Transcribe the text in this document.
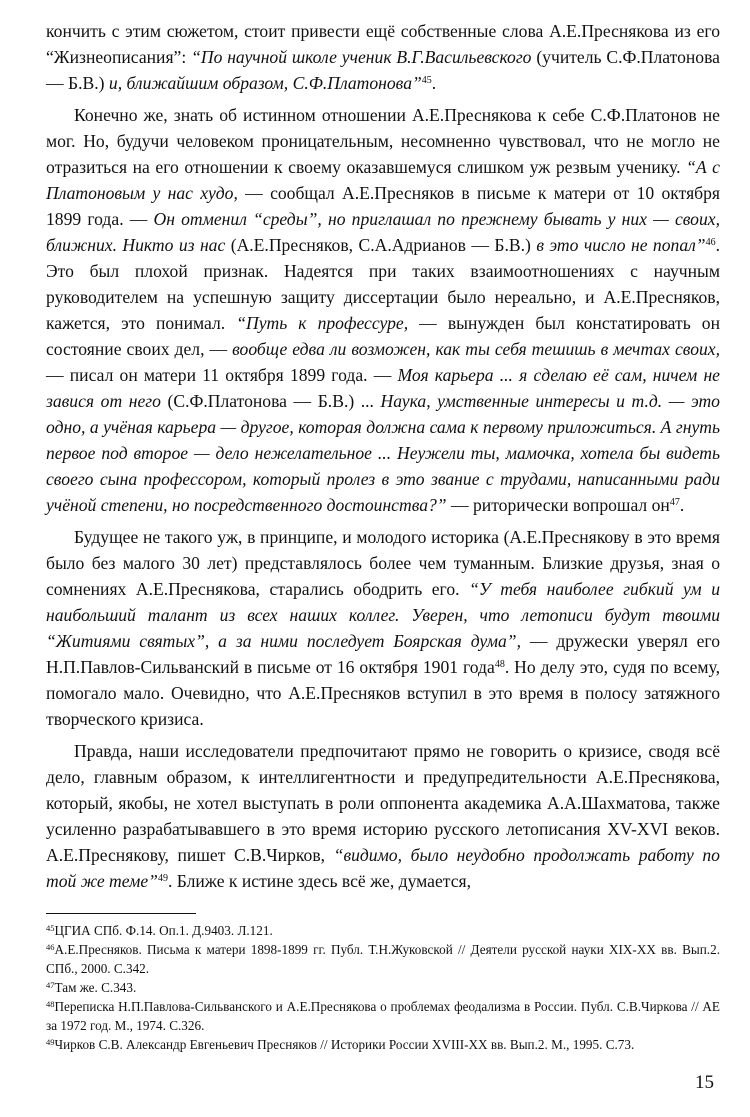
кончить с этим сюжетом, стоит привести ещё собственные слова А.Е.Преснякова из его “Жизнеописания”: “По научной школе ученик В.Г.Васильевского (учитель С.Ф.Платонова — Б.В.) и, ближайшим образом, С.Ф.Платонова”$^{45}$.

Конечно же, знать об истинном отношении А.Е.Преснякова к себе С.Ф.Платонов не мог. Но, будучи человеком проницательным, несомненно чувствовал, что не могло не отразиться на его отношении к своему оказавшемуся слишком уж резвым ученику. “А с Платоновым у нас худо, — сообщал А.Е.Пресняков в письме к матери от 10 октября 1899 года. — Он отменил “среды”, но приглашал по прежнему бывать у них — своих, ближних. Никто из нас (А.Е.Пресняков, С.А.Адрианов — Б.В.) в это число не попал”$^{46}$. Это был плохой признак. Надеятся при таких взаимоотношениях с научным руководителем на успешную защиту диссертации было нереально, и А.Е.Пресняков, кажется, это понимал. “Путь к профессуре, — вынужден был констатировать он состояние своих дел, — вообще едва ли возможен, как ты себя тешишь в мечтах своих, — писал он матери 11 октября 1899 года. — Моя карьера ... я сделаю её сам, ничем не завися от него (С.Ф.Платонова — Б.В.) ... Наука, умственные интересы и т.д. — это одно, а учёная карьера — другое, которая должна сама к первому приложиться. А гнуть первое под второе — дело нежелательное ... Неужели ты, мамочка, хотела бы видеть своего сына профессором, который пролез в это звание с трудами, написанными ради учёной степени, но посредственного достоинства?” — риторически вопрошал $он^{47}$.

Будущее не такого уж, в принципе, и молодого историка (А.Е.Преснякову в это время было без малого 30 лет) представлялось более чем туманным. Близкие друзья, зная о сомнениях А.Е.Преснякова, старались ободрить его. “У тебя наиболее гибкий ум и наибольший талант из всех наших коллег. Уверен, что летописи будут твоими “Житиями святых”, а за ними последует Боярская дума”, — дружески уверял его Н.П.Павлов-Сильванский в письме от 16 октября 1901 года$^{48}$. Но делу это, судя по всему, помогало мало. Очевидно, что А.Е.Пресняков вступил в это время в полосу затяжного творческого кризиса.

Правда, наши исследователи предпочитают прямо не говорить о кризисе, сводя всё дело, главным образом, к интеллигентности и предупредительности А.Е.Преснякова, который, якобы, не хотел выступать в роли оппонента академика А.А.Шахматова, также усиленно разрабатывавшего в это время историю русского летописания XV-XVI веков. А.Е.Преснякову, пишет С.В.Чирков, “видимо, было неудобно продолжать работу по той же теме”$^{49}$. Ближе к истине здесь всё же, думается,

$^{45}$ЦГИА СПб. Ф.14. Оп.1. Д.9403. Л.121.

$^{46}$А.Е.Пресняков. Письма к матери 1898-1899 гг. Публ. Т.Н.Жуковской // Деятели русской науки XIX-XX вв. Вып.2. СПб., 2000. С.342.

$^{47}$Там же. С.343.

$^{48}$Переписка Н.П.Павлова-Сильванского и А.Е.Преснякова о проблемах феодализма в России. Публ. С.В.Чиркова // АЕ за 1972 год. М., 1974. С.326.

$^{49}$Чирков С.В. Александр Евгеньевич Пресняков // Историки России XVIII-XX вв. Вып.2. М., 1995. С.73.

15
